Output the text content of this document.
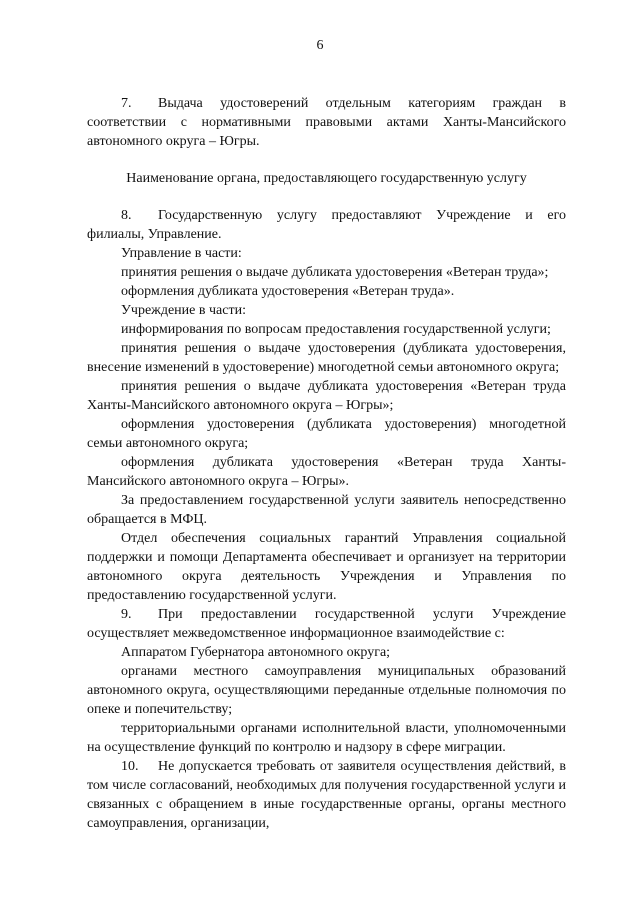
6

7. Выдача удостоверений отдельным категориям граждан в соответствии с нормативными правовыми актами Ханты-Мансийского автономного округа – Югры.

Наименование органа, предоставляющего государственную услугу

8. Государственную услугу предоставляют Учреждение и его филиалы, Управление.

Управление в части:

принятия решения о выдаче дубликата удостоверения «Ветеран труда»;

оформления дубликата удостоверения «Ветеран труда».

Учреждение в части:

информирования по вопросам предоставления государственной услуги;

принятия решения о выдаче удостоверения (дубликата удостоверения, внесение изменений в удостоверение) многодетной семьи автономного округа;

принятия решения о выдаче дубликата удостоверения «Ветеран труда Ханты-Мансийского автономного округа – Югры»;

оформления удостоверения (дубликата удостоверения) многодетной семьи автономного округа;

оформления дубликата удостоверения «Ветеран труда Ханты-Мансийского автономного округа – Югры».

За предоставлением государственной услуги заявитель непосредственно обращается в МФЦ.

Отдел обеспечения социальных гарантий Управления социальной поддержки и помощи Департамента обеспечивает и организует на территории автономного округа деятельность Учреждения и Управления по предоставлению государственной услуги.

9. При предоставлении государственной услуги Учреждение осуществляет межведомственное информационное взаимодействие с:

Аппаратом Губернатора автономного округа;

органами местного самоуправления муниципальных образований автономного округа, осуществляющими переданные отдельные полномочия по опеке и попечительству;

территориальными органами исполнительной власти, уполномоченными на осуществление функций по контролю и надзору в сфере миграции.

10. Не допускается требовать от заявителя осуществления действий, в том числе согласований, необходимых для получения государственной услуги и связанных с обращением в иные государственные органы, органы местного самоуправления, организации,
